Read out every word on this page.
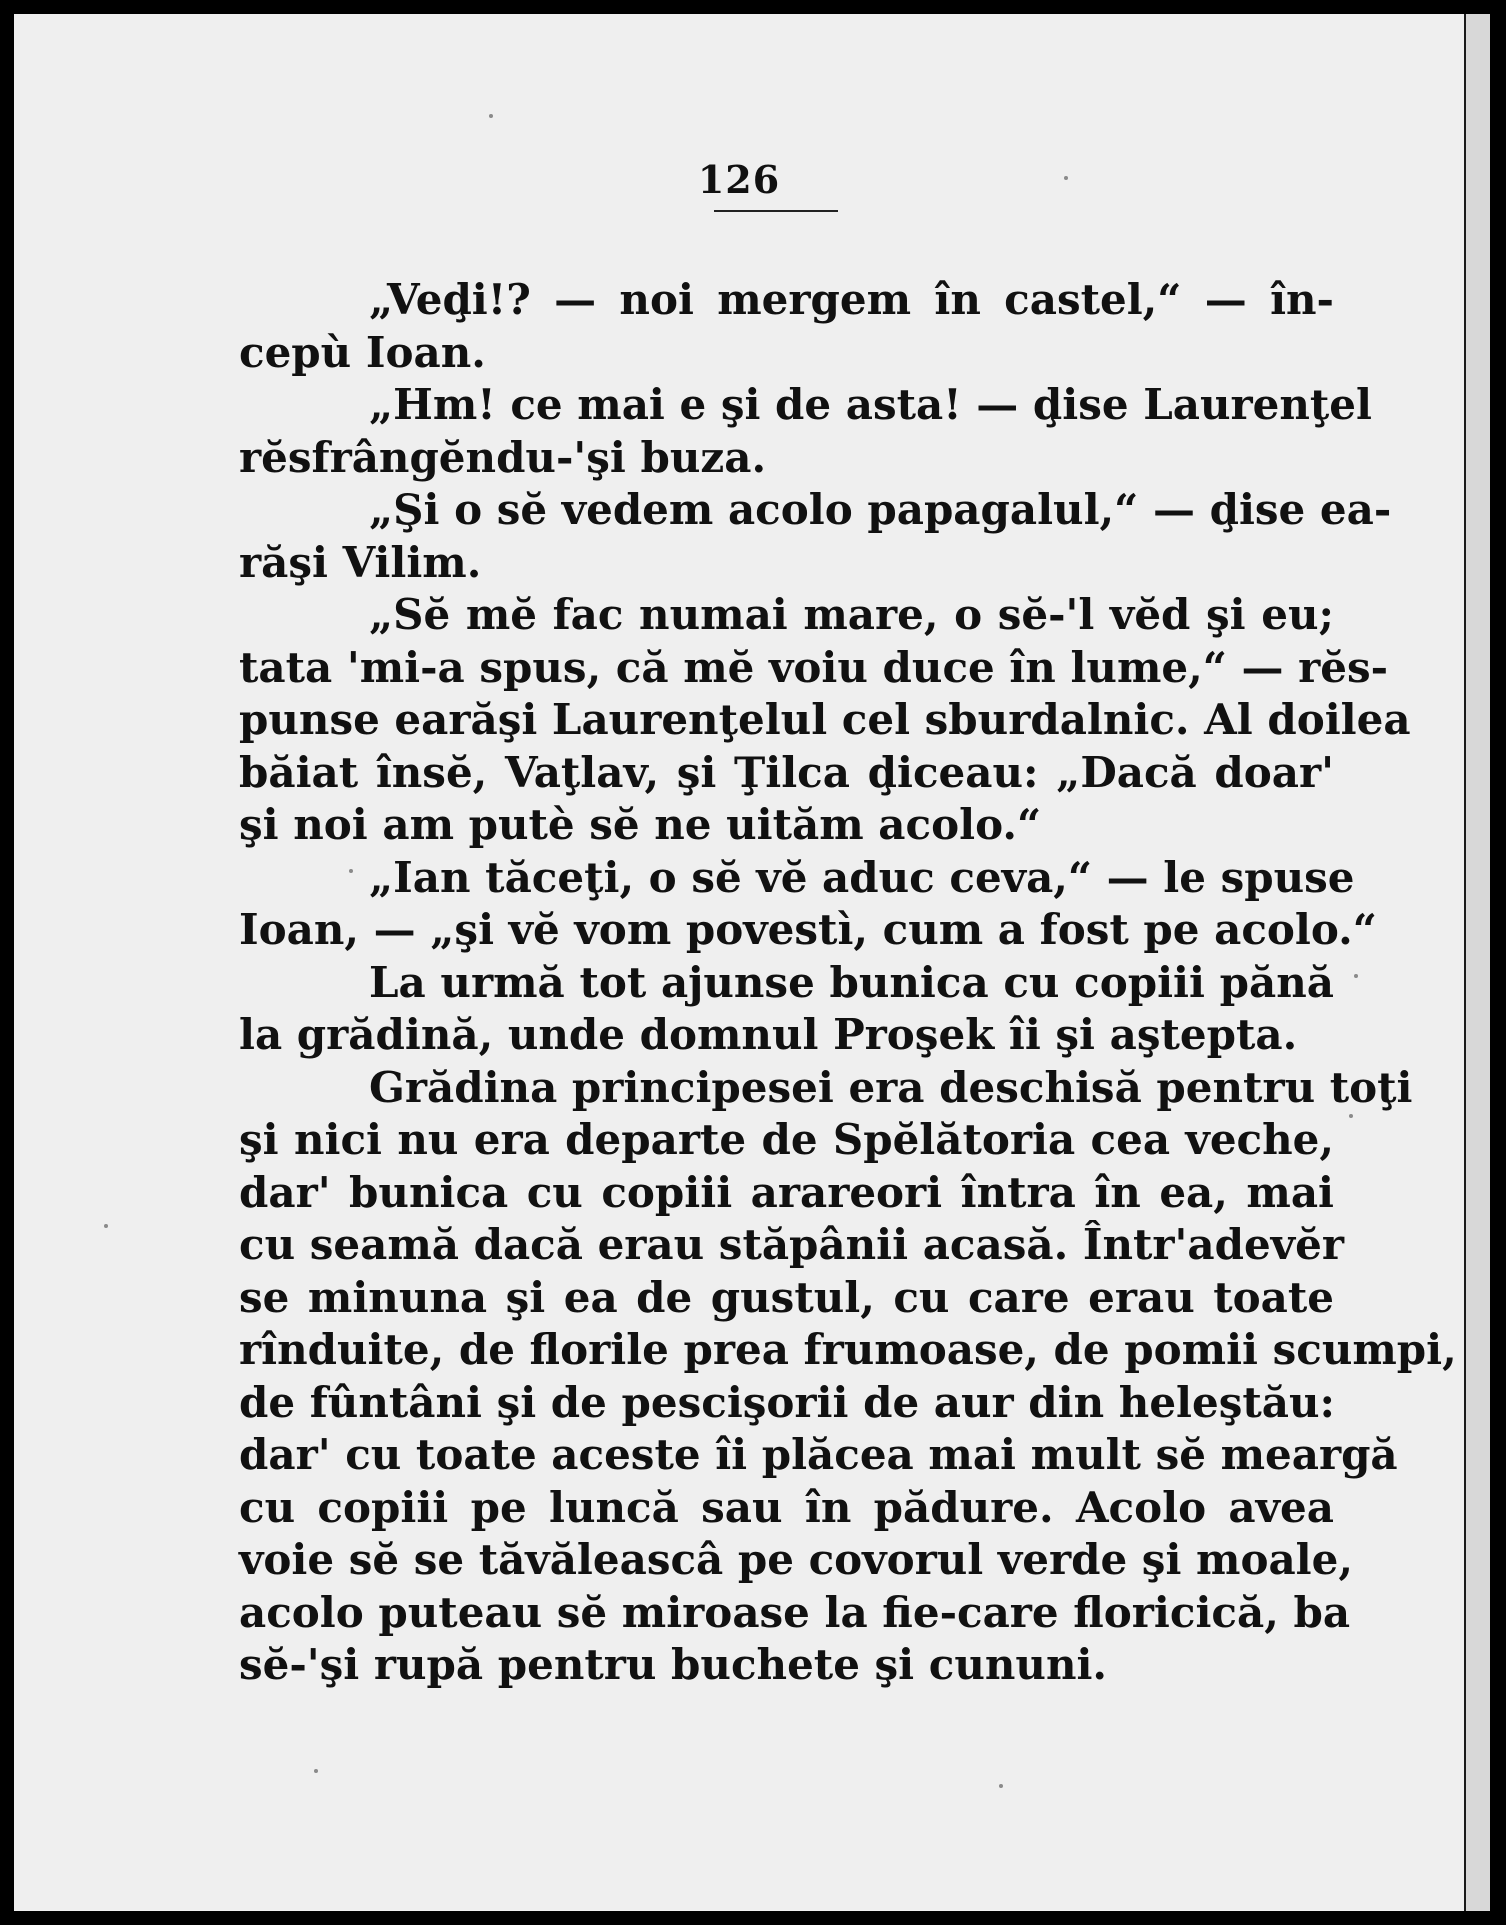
126
„Veḑi!? — noi mergem în castel,“ — în-
cepù Ioan.
„Hm! ce mai e şi de asta! — ḑise Laurenţel
rĕsfrângĕndu-'şi buza.
„Şi o sĕ vedem acolo papagalul,“ — ḑise ea-
răşi Vilim.
„Sĕ mĕ fac numai mare, o sĕ-'l vĕd şi eu;
tata 'mi-a spus, că mĕ voiu duce în lume,“ — rĕs-
punse earăşi Laurenţelul cel sburdalnic. Al doilea
băiat însĕ, Vaţlav, şi Ţilca ḑiceau: „Dacă doar'
şi noi am putè sĕ ne uităm acolo.“
„Ian tăceţi, o sĕ vĕ aduc ceva,“ — le spuse
Ioan, — „şi vĕ vom povestì, cum a fost pe acolo.“
La urmă tot ajunse bunica cu copiii pănă
la grădină, unde domnul Proşek îi şi aştepta.
Grădina principesei era deschisă pentru toţi
şi nici nu era departe de Spĕlătoria cea veche,
dar' bunica cu copiii arareori întra în ea, mai
cu seamă dacă erau stăpânii acasă. Într'adevĕr
se minuna şi ea de gustul, cu care erau toate
rînduite, de florile prea frumoase, de pomii scumpi,
de fûntâni şi de pescişorii de aur din heleştău:
dar' cu toate aceste îi plăcea mai mult sĕ meargă
cu copiii pe luncă sau în pădure. Acolo avea
voie sĕ se tăvăleascâ pe covorul verde şi moale,
acolo puteau sĕ miroase la fie-care floricică, ba
sĕ-'şi rupă pentru buchete şi cununi.
